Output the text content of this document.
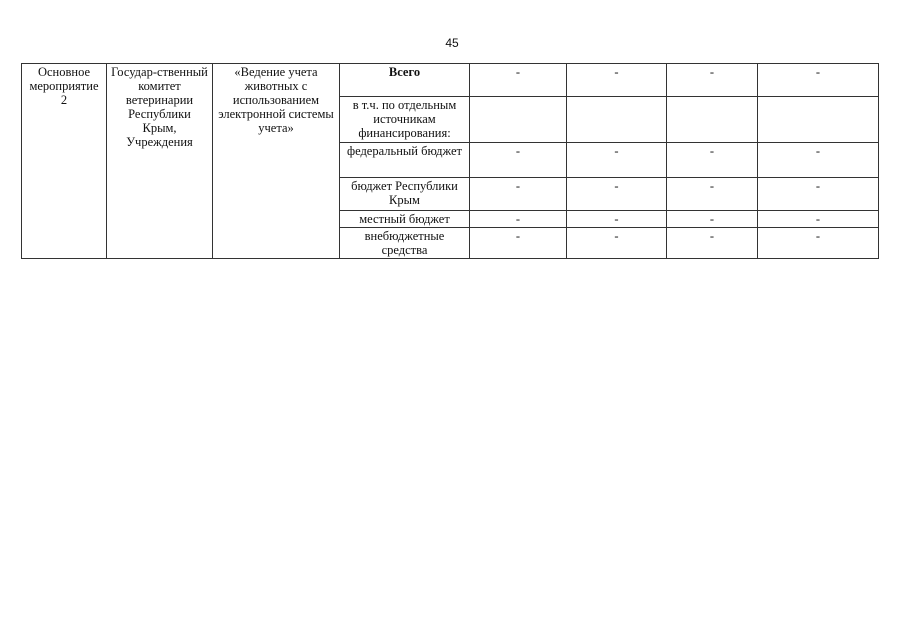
45
Основное мероприятие 2	Государ-ственный комитет ветеринарии Республики Крым, Учреждения	«Ведение учета животных с использованием электронной системы учета»	Всего	-	-	-	-
			в т.ч. по отдельным источникам финансирования:				
			федеральный бюджет	-	-	-	-
			бюджет Республики Крым	-	-	-	-
			местный бюджет	-	-	-	-
			внебюджетные средства	-	-	-	-
